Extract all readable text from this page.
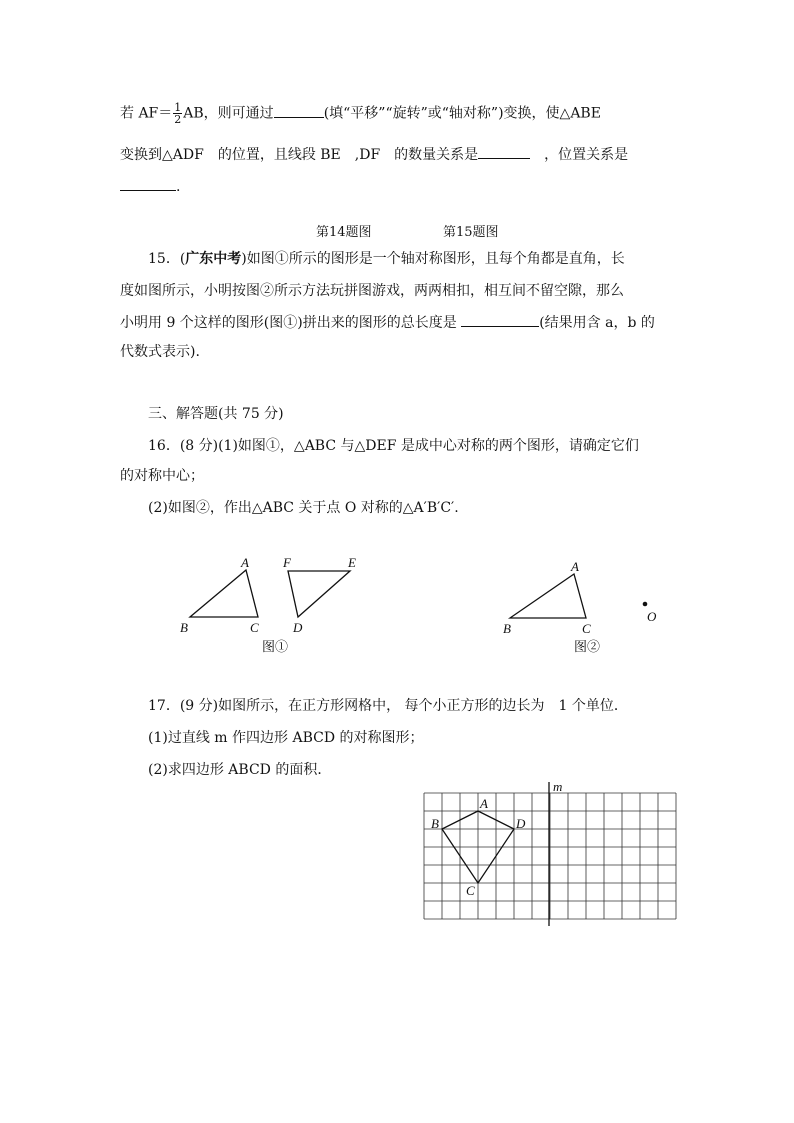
若 $AF= \frac{1}{2}$ AB，则可通过	(填“平移”“旋转”或“轴对称”)变换，使△ABE
变换到△ADF　的位置，且线段 BE　,DF　的数量关系是	　，位置关系是
.
第14题图	第15题图
15．(广东中考)如图①所示的图形是一个轴对称图形，且每个角都是直角，长
度如图所示，小明按图②所示方法玩拼图游戏，两两相扣，相互间不留空隙，那么
小明用 9 个这样的图形(图①)拼出来的图形的总长度是	(结果用含 a，b 的
代数式表示).
三、解答题(共 75 分)
16．(8 分)(1)如图①，△ABC 与△DEF 是成中心对称的两个图形，请确定它们
的对称中心；
(2)如图②，作出△ABC 关于点 O 对称的△A′B′C′.
17．(9 分)如图所示，在正方形网格中， 每个小正方形的边长为　1 个单位．
(1)过直线 m 作四边形 ABCD 的对称图形；
(2)求四边形 ABCD 的面积．
A
B	C
F	E
D
图①
A
B	C
O
图②
m
A
B
C
D
